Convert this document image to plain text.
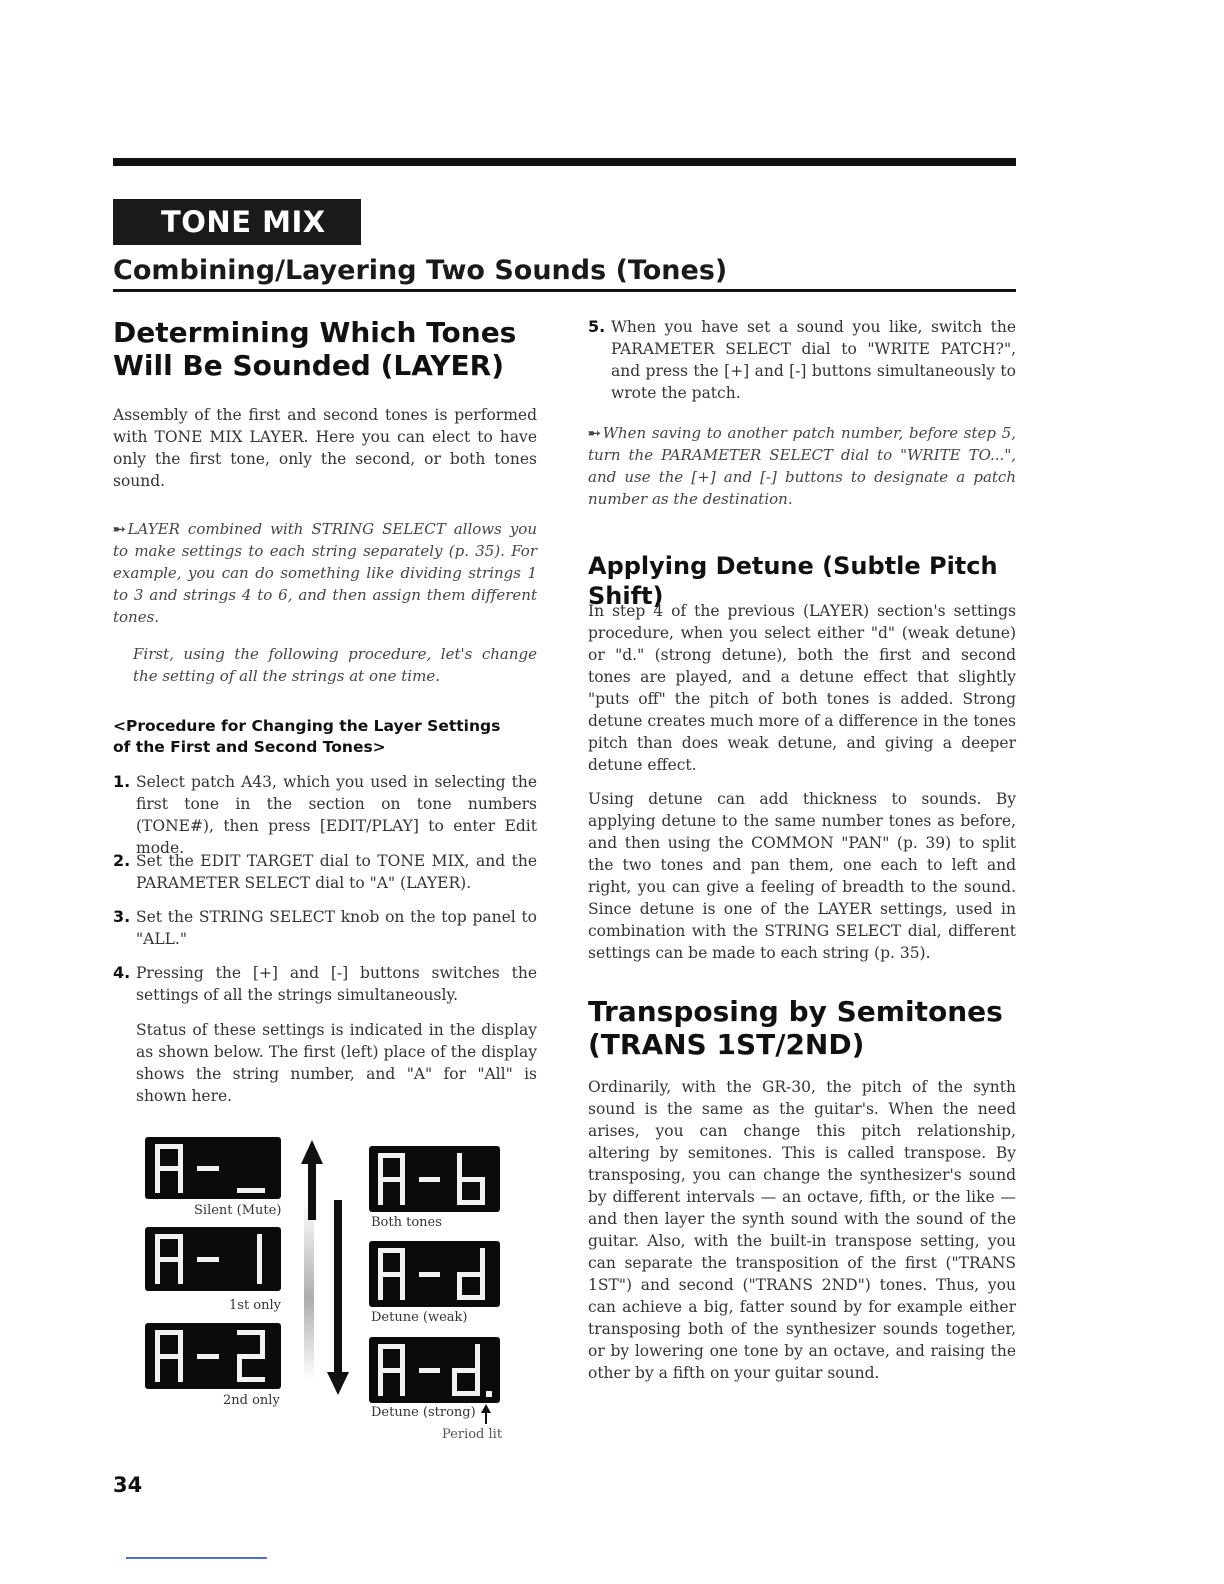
TONE MIX
Combining/Layering Two Sounds (Tones)
Determining Which Tones
Will Be Sounded (LAYER)
Assembly of the first and second tones is performed with TONE MIX LAYER. Here you can elect to have only the first tone, only the second, or both tones sound.
➸ LAYER combined with STRING SELECT allows you to make settings to each string separately (p. 35). For example, you can do something like dividing strings 1 to 3 and strings 4 to 6, and then assign them different tones.
First, using the following procedure, let's change the setting of all the strings at one time.
<Procedure for Changing the Layer Settings
of the First and Second Tones>
1. Select patch A43, which you used in selecting the first tone in the section on tone numbers (TONE#), then press [EDIT/PLAY] to enter Edit mode.
2. Set the EDIT TARGET dial to TONE MIX, and the PARAMETER SELECT dial to "A" (LAYER).
3. Set the STRING SELECT knob on the top panel to "ALL."
4. Pressing the [+] and [-] buttons switches the settings of all the strings simultaneously.
Status of these settings is indicated in the display as shown below. The first (left) place of the display shows the string number, and "A" for "All" is shown here.
Silent (Mute)
1st only
2nd only
Both tones
Detune (weak)
Detune (strong)
Period lit
5. When you have set a sound you like, switch the PARAMETER SELECT dial to "WRITE PATCH?", and press the [+] and [-] buttons simultaneously to wrote the patch.
➸ When saving to another patch number, before step 5, turn the PARAMETER SELECT dial to "WRITE TO...", and use the [+] and [-] buttons to designate a patch number as the destination.
Applying Detune (Subtle Pitch Shift)
In step 4 of the previous (LAYER) section's settings procedure, when you select either "d" (weak detune) or "d." (strong detune), both the first and second tones are played, and a detune effect that slightly "puts off" the pitch of both tones is added. Strong detune creates much more of a difference in the tones pitch than does weak detune, and giving a deeper detune effect.
Using detune can add thickness to sounds. By applying detune to the same number tones as before, and then using the COMMON "PAN" (p. 39) to split the two tones and pan them, one each to left and right, you can give a feeling of breadth to the sound. Since detune is one of the LAYER settings, used in combination with the STRING SELECT dial, different settings can be made to each string (p. 35).
Transposing by Semitones
(TRANS 1ST/2ND)
Ordinarily, with the GR-30, the pitch of the synth sound is the same as the guitar's. When the need arises, you can change this pitch relationship, altering by semitones. This is called transpose. By transposing, you can change the synthesizer's sound by different intervals — an octave, fifth, or the like — and then layer the synth sound with the sound of the guitar. Also, with the built-in transpose setting, you can separate the transposition of the first ("TRANS 1ST") and second ("TRANS 2ND") tones. Thus, you can achieve a big, fatter sound by for example either transposing both of the synthesizer sounds together, or by lowering one tone by an octave, and raising the other by a fifth on your guitar sound.
34
